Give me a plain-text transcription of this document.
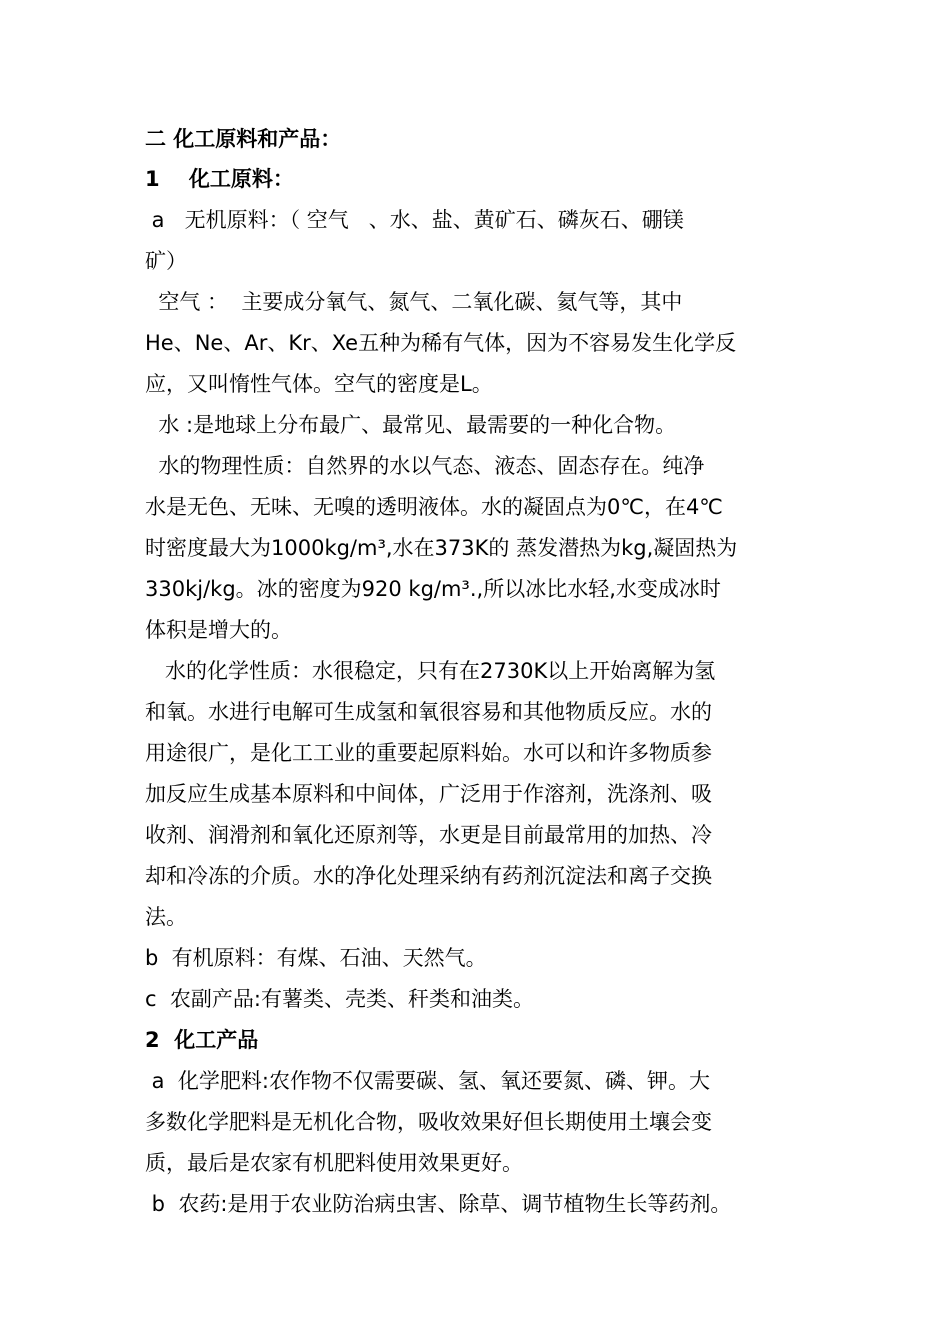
二 化工原料和产品：
1    化工原料：
a   无机原料：（ 空气   、水、盐、黄矿石、磷灰石、硼镁
矿）
空气 ：  主要成分氧气、氮气、二氧化碳、氦气等，其中
He、Ne、Ar、Kr、Xe五种为稀有气体，因为不容易发生化学反
应，又叫惰性气体。空气的密度是L。
水 :是地球上分布最广、最常见、最需要的一种化合物。
水的物理性质：自然界的水以气态、液态、固态存在。纯净
水是无色、无味、无嗅的透明液体。水的凝固点为0℃，在4℃
时密度最大为1000kg/m³,水在373K的 蒸发潜热为kg,凝固热为
330kj/kg。冰的密度为920 kg/m³.,所以冰比水轻,水变成冰时
体积是增大的。
水的化学性质：水很稳定，只有在2730K以上开始离解为氢
和氧。水进行电解可生成氢和氧很容易和其他物质反应。水的
用途很广，是化工工业的重要起原料始。水可以和许多物质参
加反应生成基本原料和中间体，广泛用于作溶剂，洗涤剂、吸
收剂、润滑剂和氧化还原剂等，水更是目前最常用的加热、冷
却和冷冻的介质。水的净化处理采纳有药剂沉淀法和离子交换
法。
b  有机原料：有煤、石油、天然气。
c  农副产品:有薯类、壳类、秆类和油类。
2  化工产品
a  化学肥料:农作物不仅需要碳、氢、氧还要氮、磷、钾。大
多数化学肥料是无机化合物，吸收效果好但长期使用土壤会变
质，最后是农家有机肥料使用效果更好。
b  农药:是用于农业防治病虫害、除草、调节植物生长等药剂。
